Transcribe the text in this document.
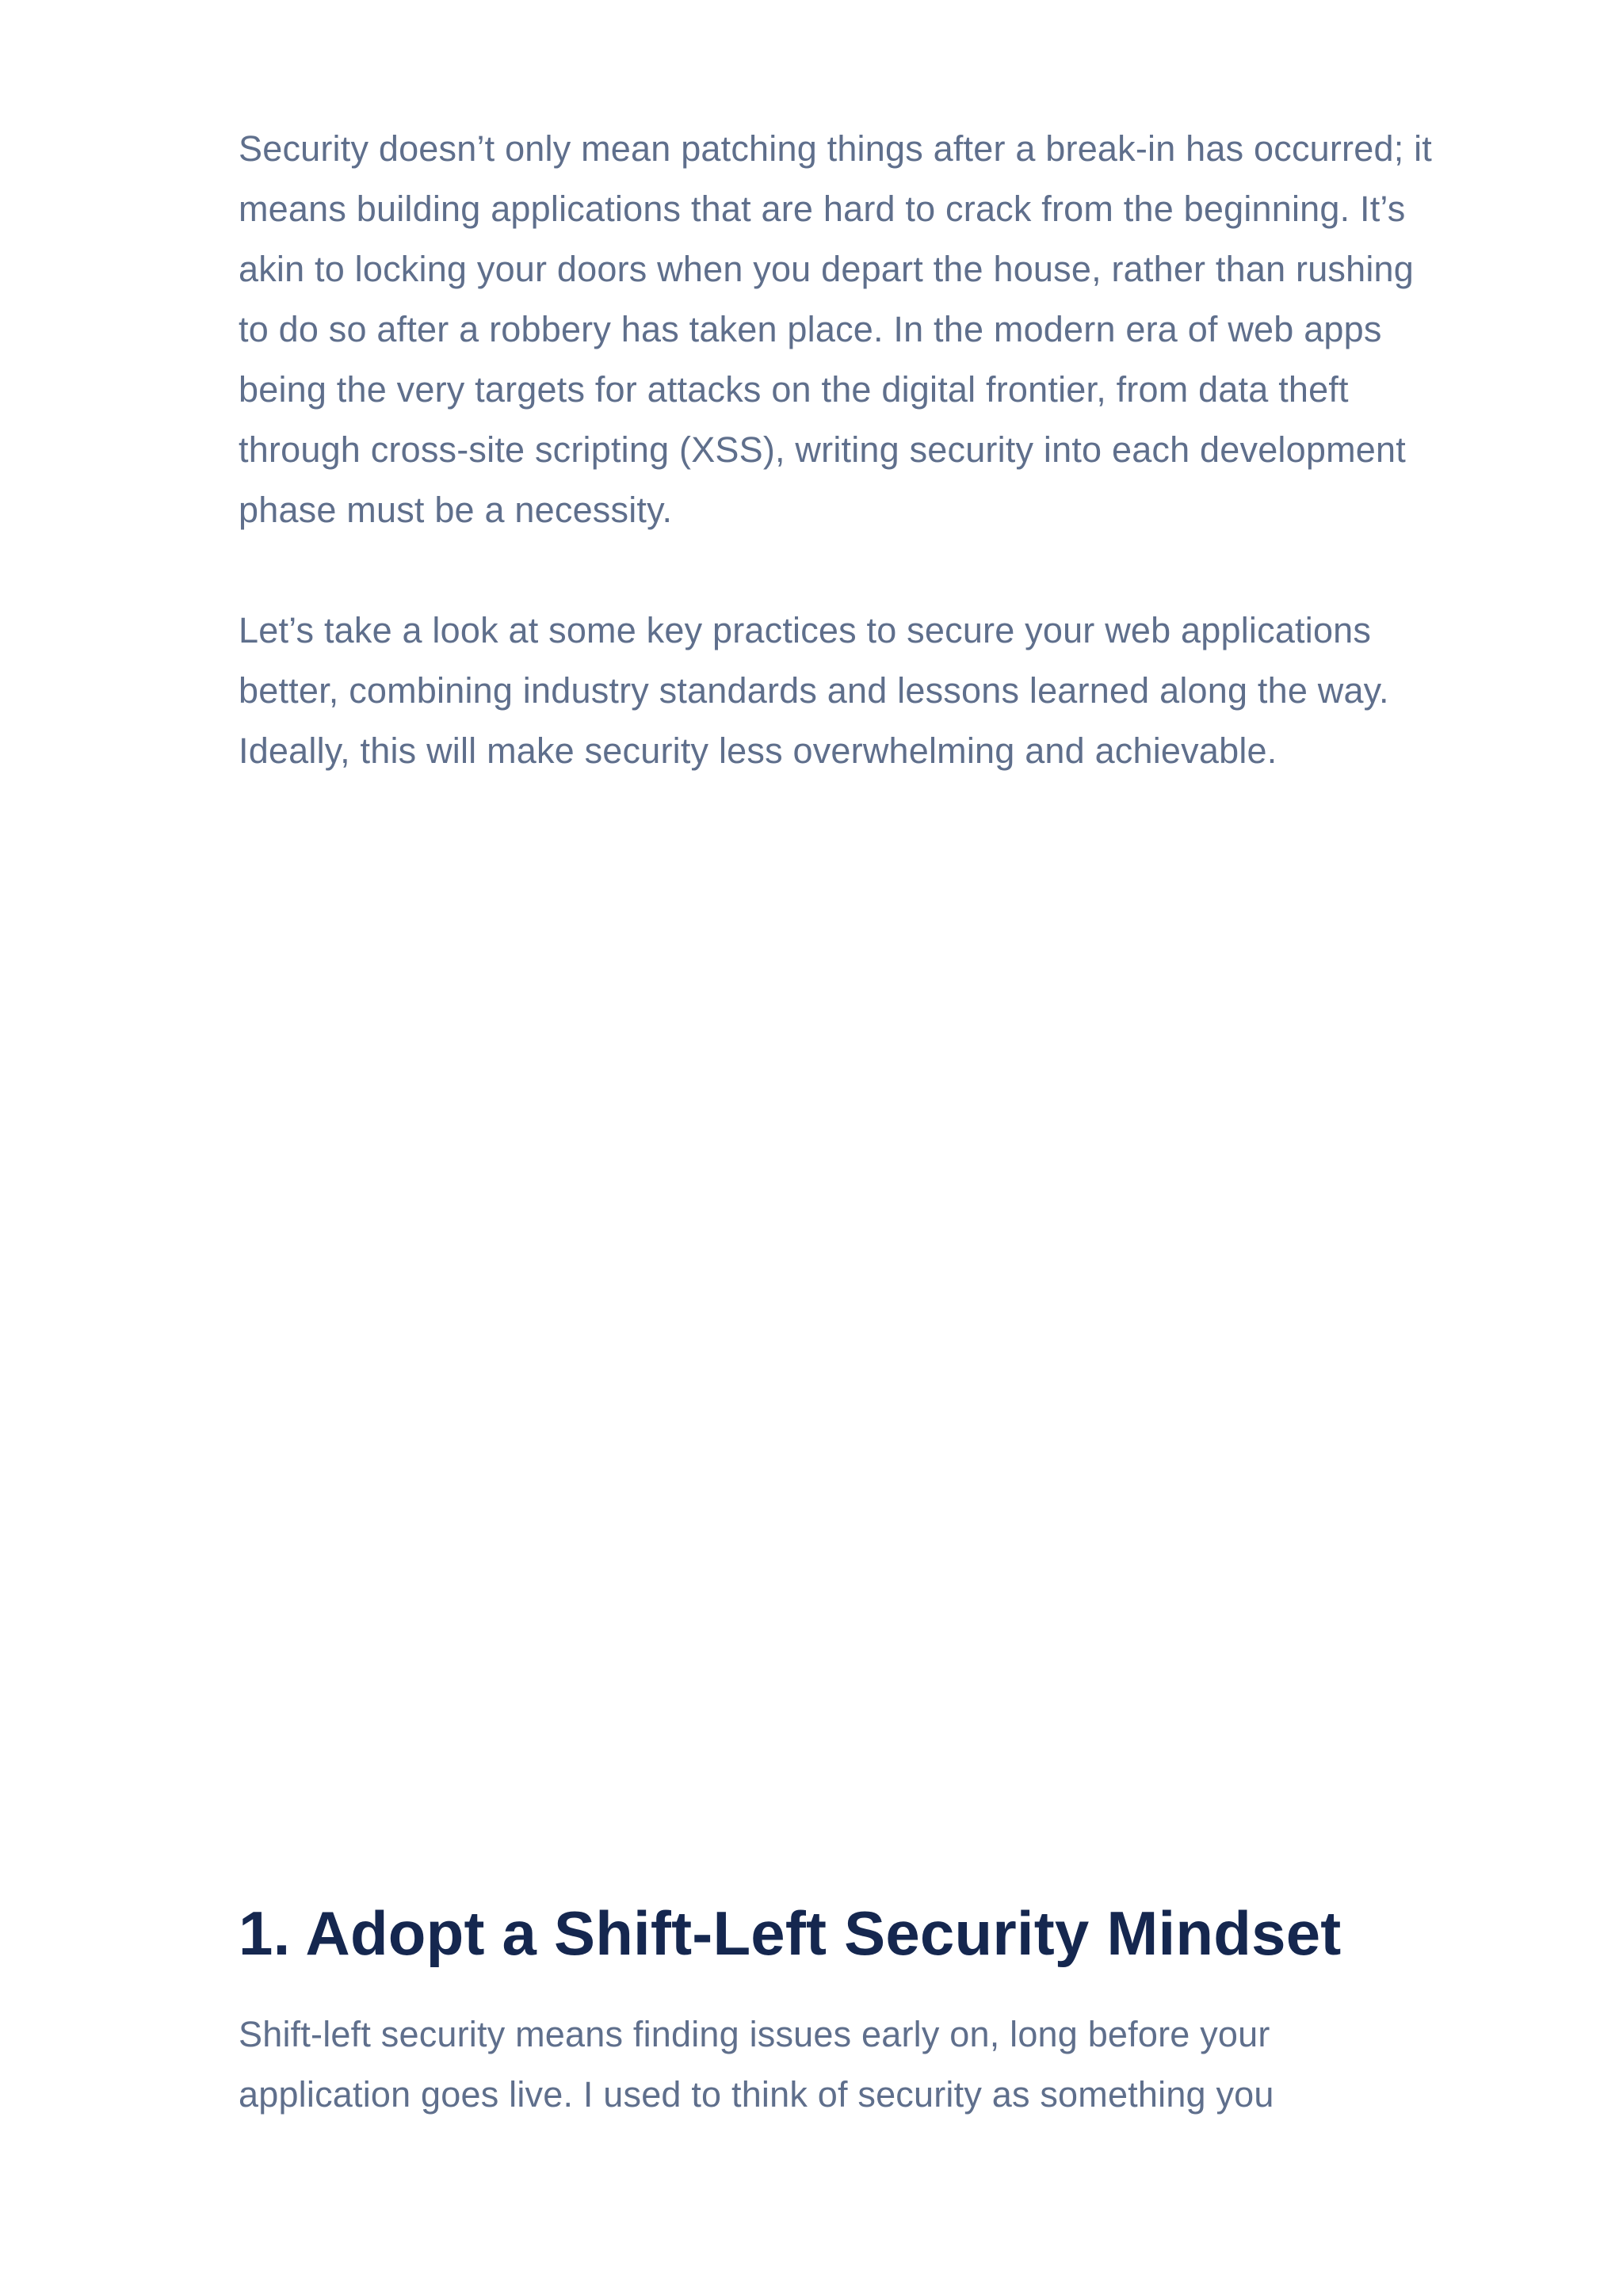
Security doesn’t only mean patching things after a break-in has occurred; it means building applications that are hard to crack from the beginning. It’s akin to locking your doors when you depart the house, rather than rushing to do so after a robbery has taken place. In the modern era of web apps being the very targets for attacks on the digital frontier, from data theft through cross-site scripting (XSS), writing security into each development phase must be a necessity.

Let’s take a look at some key practices to secure your web applications better, combining industry standards and lessons learned along the way. Ideally, this will make security less overwhelming and achievable.

1. Adopt a Shift-Left Security Mindset

Shift-left security means finding issues early on, long before your application goes live. I used to think of security as something you
